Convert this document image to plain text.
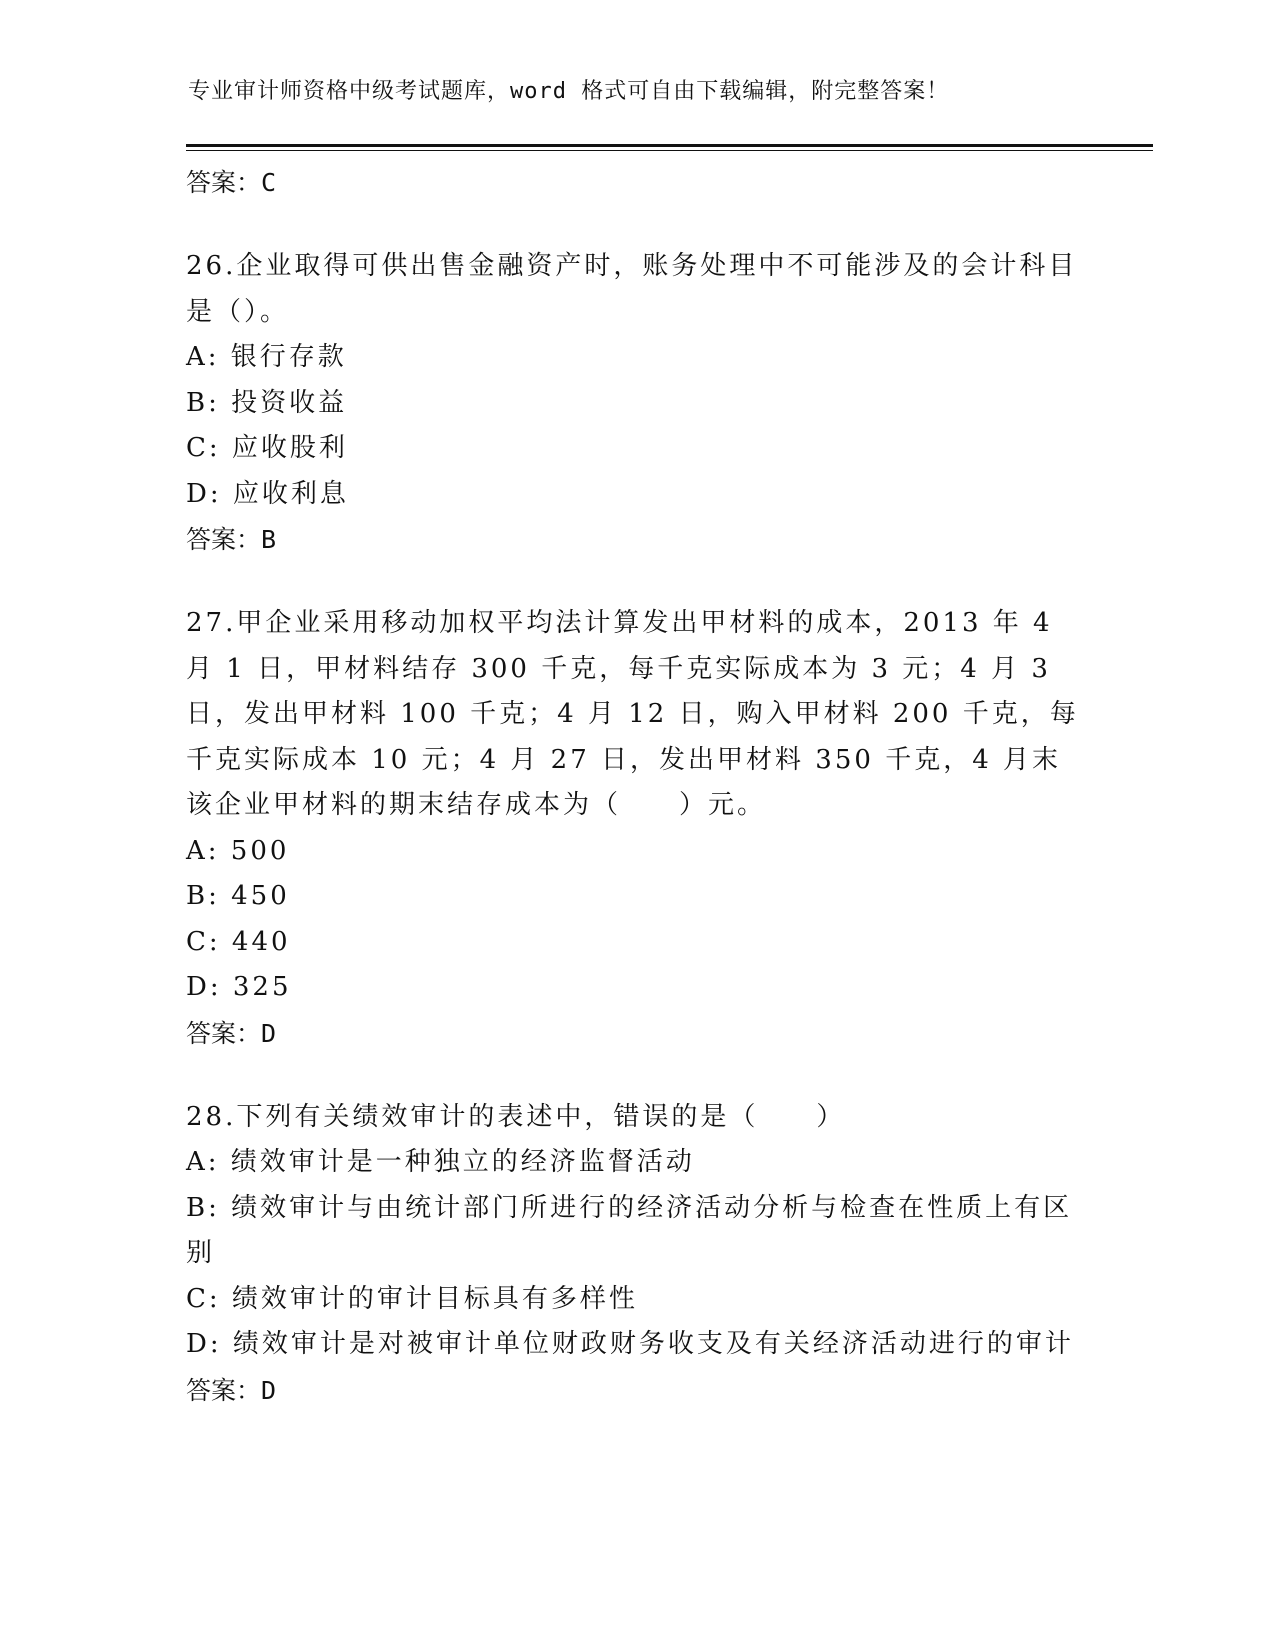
专业审计师资格中级考试题库，word 格式可自由下载编辑，附完整答案！
答案：C
26.企业取得可供出售金融资产时，账务处理中不可能涉及的会计科目是（）。
A: 银行存款
B: 投资收益
C: 应收股利
D: 应收利息
答案：B
27.甲企业采用移动加权平均法计算发出甲材料的成本，2013 年 4 月 1 日，甲材料结存 300 千克，每千克实际成本为 3 元；4 月 3 日，发出甲材料 100 千克；4 月 12 日，购入甲材料 200 千克，每千克实际成本 10 元；4 月 27 日，发出甲材料 350 千克，4 月末该企业甲材料的期末结存成本为（　　）元。
A: 500
B: 450
C: 440
D: 325
答案：D
28.下列有关绩效审计的表述中，错误的是（　　）
A: 绩效审计是一种独立的经济监督活动
B: 绩效审计与由统计部门所进行的经济活动分析与检查在性质上有区别
C: 绩效审计的审计目标具有多样性
D: 绩效审计是对被审计单位财政财务收支及有关经济活动进行的审计
答案：D
